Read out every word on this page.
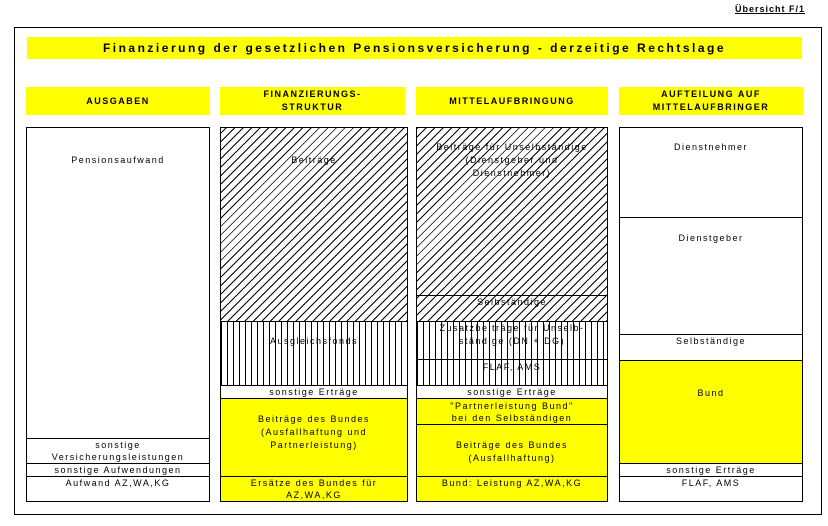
Übersicht F/1
Finanzierung der gesetzlichen Pensionsversicherung - derzeitige Rechtslage
AUSGABEN
FINANZIERUNGS-
STRUKTUR
MITTELAUFBRINGUNG
AUFTEILUNG AUF
MITTELAUFBRINGER
Pensionsaufwand
sonstige
Versicherungsleistungen
sonstige Aufwendungen
Aufwand AZ,WA,KG
Beiträge
Ausgleichsfonds
sonstige Erträge
Beiträge des Bundes
(Ausfallhaftung und
Partnerleistung)
Ersätze des Bundes für
AZ,WA,KG
Beiträge für Unselbständige
(Dienstgeber und
Dienstnehmer)
Selbständige
Zusatzbeiträge für Unselb-
ständige (DN + DG)
FLAF, AMS
sonstige Erträge
"Partnerleistung Bund"
bei den Selbständigen
Beiträge des Bundes
(Ausfallhaftung)
Bund: Leistung AZ,WA,KG
Dienstnehmer
Dienstgeber
Selbständige
Bund
sonstige Erträge
FLAF, AMS
